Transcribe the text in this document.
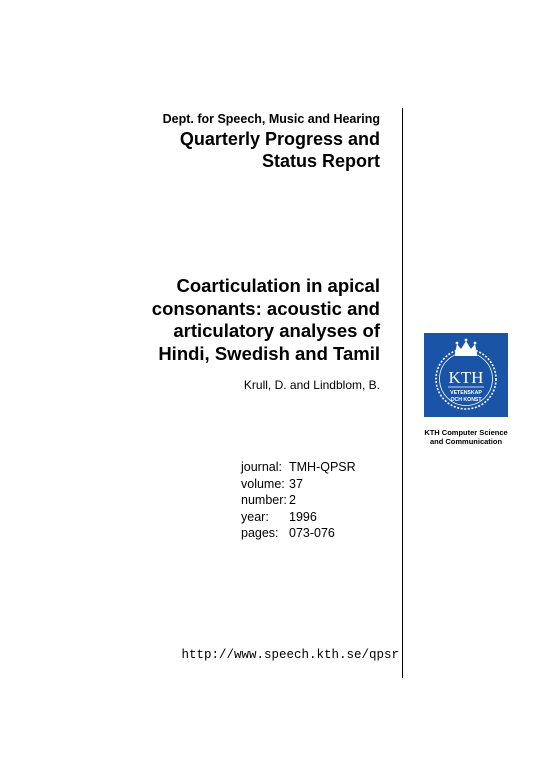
Dept. for Speech, Music and Hearing
Quarterly Progress and
Status Report
Coarticulation in apical
consonants: acoustic and
articulatory analyses of
Hindi, Swedish and Tamil
Krull, D. and Lindblom, B.
journal:	TMH-QPSR
volume:	37
number:	2
year:	1996
pages:	073-076
http://www.speech.kth.se/qpsr
KTH
VETENSKAP
OCH KONST
KTH Computer Science
and Communication
